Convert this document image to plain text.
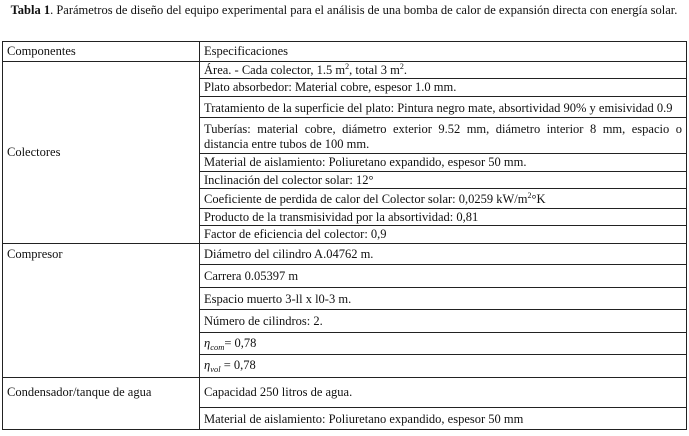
Tabla 1. Parámetros de diseño del equipo experimental para el análisis de una bomba de calor de expansión directa con energía solar.
Componentes	Especificaciones
Colectores	Área. - Cada colector, 1.5 $m^2$, total 3 $m^2$.
	Plato absorbedor: Material cobre, espesor 1.0 mm.
	Tratamiento de la superficie del plato: Pintura negro mate, absortividad 90% y emisividad 0.9
	Tuberías: material cobre, diámetro exterior 9.52 mm, diámetro interior 8 mm, espacio o distancia entre tubos de 100 mm.
	Material de aislamiento: Poliuretano expandido, espesor 50 mm.
	Inclinación del colector solar: 12°
	Coeficiente de perdida de calor del Colector solar: 0,0259 $kW/m^2^\circ K$
	Producto de la transmisividad por la absortividad: 0,81
	Factor de eficiencia del colector: 0,9
Compresor	Diámetro del cilindro A.04762 m.
	Carrera 0.05397 m
	Espacio muerto 3-ll x l0-3 m.
	Número de cilindros: 2.
	$\eta_{com}= 0,78$
	$\eta_{vol} = 0,78$
Condensador/tanque de agua	Capacidad 250 litros de agua.
	Material de aislamiento: Poliuretano expandido, espesor 50 mm
